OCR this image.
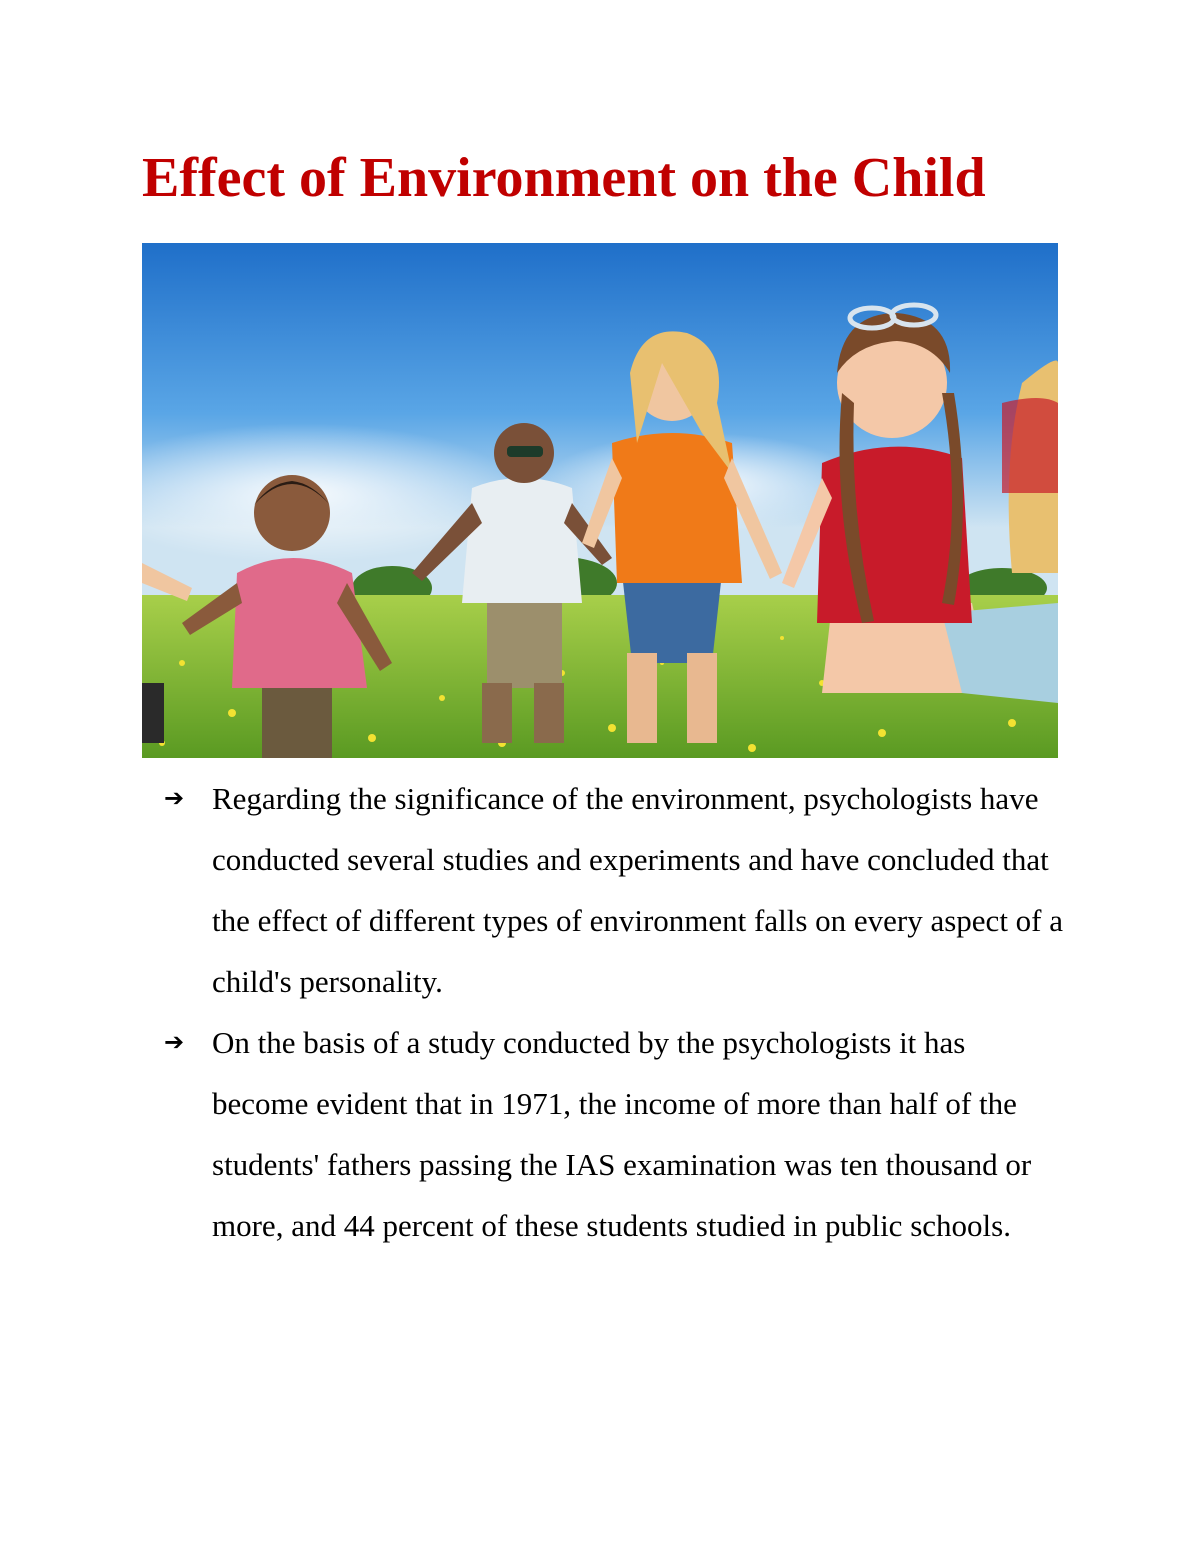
Effect of Environment on the Child
➔ Regarding the significance of the environment, psychologists have conducted several studies and experiments and have concluded that the effect of different types of environment falls on every aspect of a child's personality.
➔ On the basis of a study conducted by the psychologists it has become evident that in 1971, the income of more than half of the students' fathers passing the IAS examination was ten thousand or more, and 44 percent of these students studied in public schools.
